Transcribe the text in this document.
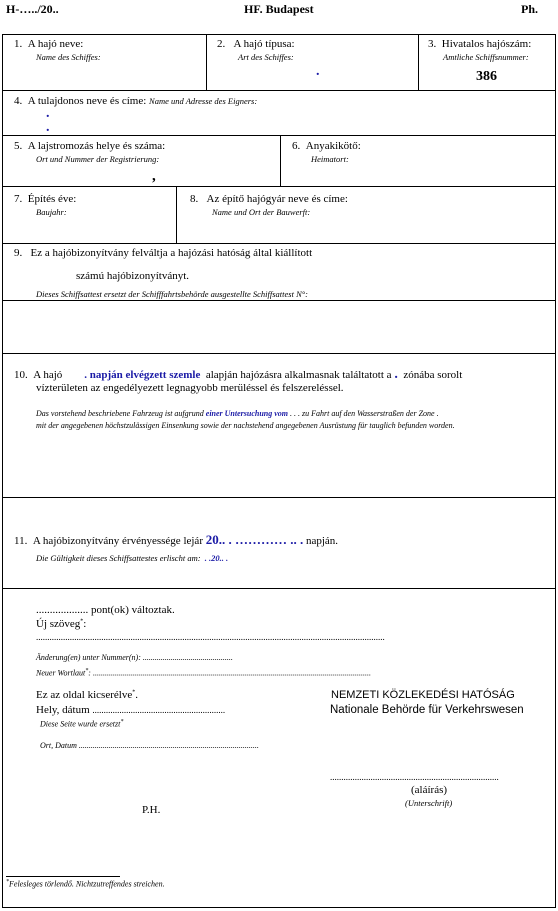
H-…../20..	HF. Budapest	Ph.
1. A hajó neve:
Name des Schiffes:
2. A hajó típusa:
Art des Schiffes:
.
3. Hivatalos hajószám:
Amtliche Schiffsnummer:
386
4. A tulajdonos neve és címe: Name und Adresse des Eigners:
.
.
5. A lajstromozás helye és száma:
Ort und Nummer der Registrierung:
,
6. Anyakikötő:
Heimatort:
7. Építés éve:
Baujahr:
8. Az építő hajógyár neve és címe:
Name und Ort der Bauwerft:
9. Ez a hajóbizonyítvány felváltja a hajózási hatóság által kiállított
számú hajóbizonyítványt.
Dieses Schiffsattest ersetzt der Schifffahrtsbehörde ausgestellte Schiffsattest N°:
10. A hajó . napján elvégzett szemle alapján hajózásra alkalmasnak találtatott a . zónába sorolt
vízterületen az engedélyezett legnagyobb merüléssel és felszereléssel.
Das vorstehend beschriebene Fahrzeug ist aufgrund einer Untersuchung vom . . . zu Fahrt auf den Wasserstraßen der Zone .
mit der angegebenen höchstzulässigen Einsenkung sowie der nachstehend angegebenen Ausrüstung für tauglich befunden worden.
11. A hajóbizonyítvány érvényessége lejár 20.. . ………… .. . napján.
Die Gültigkeit dieses Schiffsattestes erlischt am: . .20.. .
................... pont(ok) változtak.
Új szöveg*:
...........................................................................................................................................................
Änderung(en) unter Nummer(n): .............................................
Neuer Wortlaut*: ...........................................................................................................................................
Ez az oldal kicserélve*.
Hely, dátum ...........................................................
Diese Seite wurde ersetzt*
Ort, Datum ..........................................................................................
NEMZETI KÖZLEKEDÉSI HATÓSÁG
Nationale Behörde für Verkehrswesen
...........................................................................
(aláírás)
(Unterschrift)
P.H.
*Felesleges törlendő. Nichtzutreffendes streichen.
